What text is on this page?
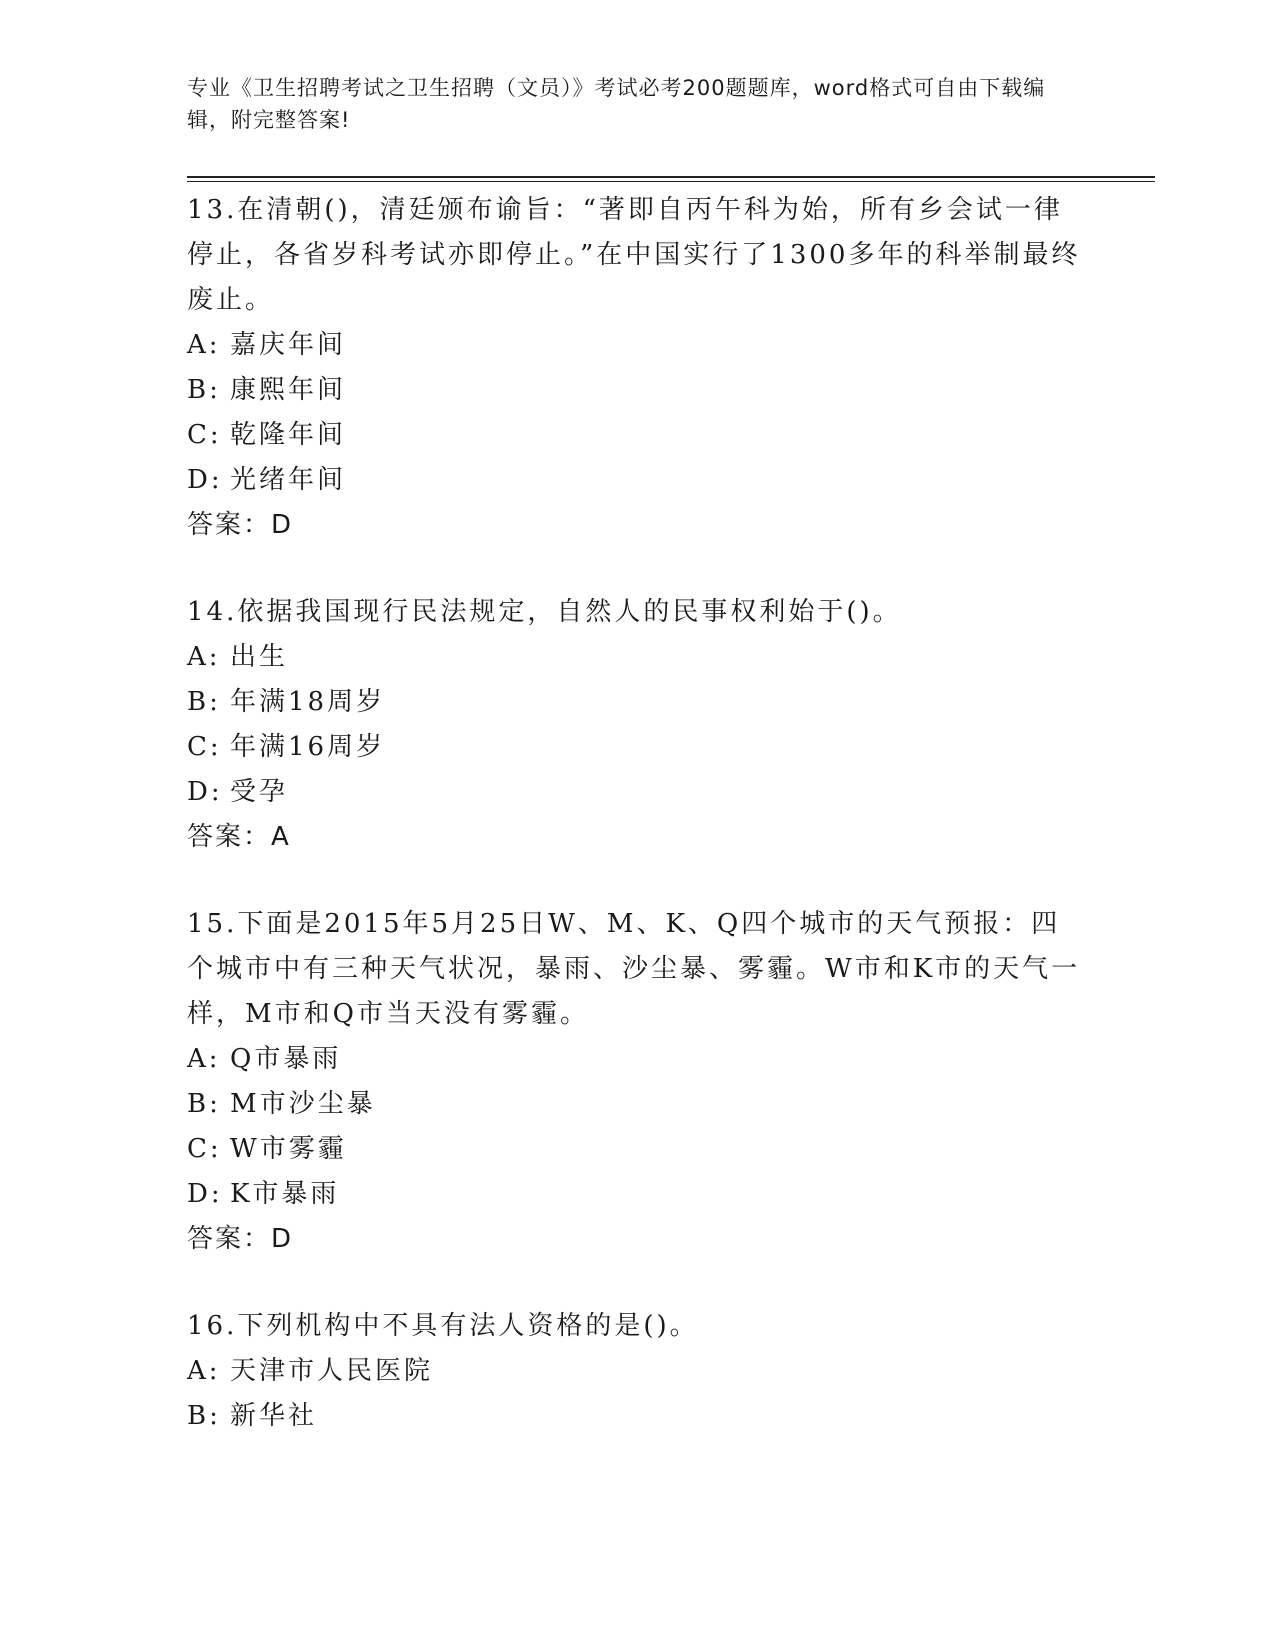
专业《卫生招聘考试之卫生招聘（文员）》考试必考200题题库，word格式可自由下载编辑，附完整答案!
13.在清朝()，清廷颁布谕旨：“著即自丙午科为始，所有乡会试一律停止，各省岁科考试亦即停止。”在中国实行了1300多年的科举制最终废止。
A: 嘉庆年间
B: 康熙年间
C: 乾隆年间
D: 光绪年间
答案：D
14.依据我国现行民法规定，自然人的民事权利始于()。
A: 出生
B: 年满18周岁
C: 年满16周岁
D: 受孕
答案：A
15.下面是2015年5月25日W、M、K、Q四个城市的天气预报：四个城市中有三种天气状况，暴雨、沙尘暴、雾霾。W市和K市的天气一样，M市和Q市当天没有雾霾。
A: Q市暴雨
B: M市沙尘暴
C: W市雾霾
D: K市暴雨
答案：D
16.下列机构中不具有法人资格的是()。
A: 天津市人民医院
B: 新华社
